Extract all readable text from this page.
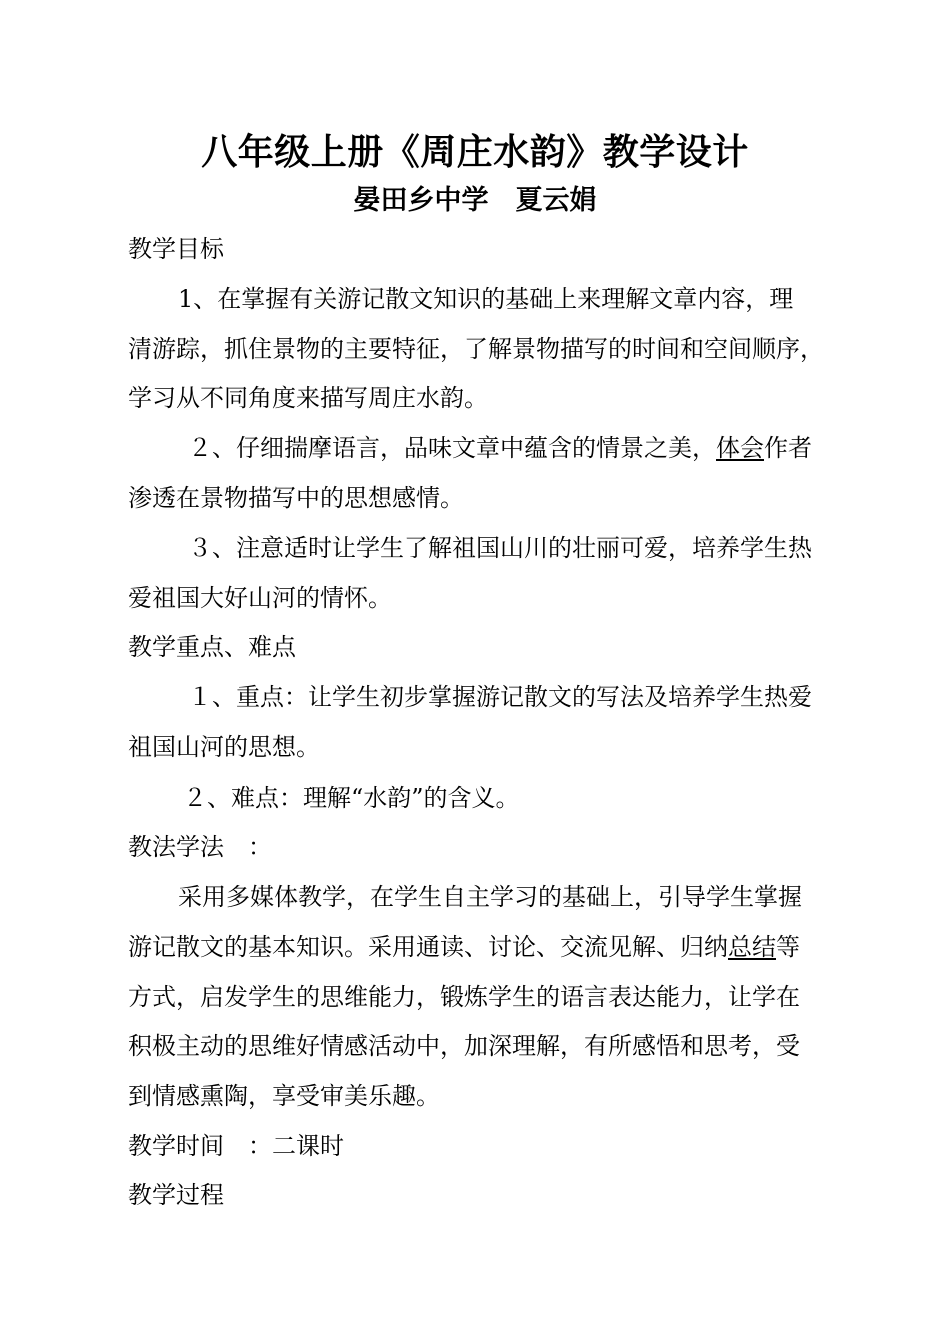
八年级上册《周庄水韵》教学设计
晏田乡中学　夏云娟
教学目标
1、在掌握有关游记散文知识的基础上来理解文章内容，理
清游踪，抓住景物的主要特征，了解景物描写的时间和空间顺序，
学习从不同角度来描写周庄水韵。
２、仔细揣摩语言，品味文章中蕴含的情景之美，体会作者
渗透在景物描写中的思想感情。
３、注意适时让学生了解祖国山川的壮丽可爱，培养学生热
爱祖国大好山河的情怀。
教学重点、难点
１、重点：让学生初步掌握游记散文的写法及培养学生热爱
祖国山河的思想。
２、难点：理解“水韵”的含义。
教法学法　：
采用多媒体教学，在学生自主学习的基础上，引导学生掌握
游记散文的基本知识。采用通读、讨论、交流见解、归纳总结等
方式，启发学生的思维能力，锻炼学生的语言表达能力，让学在
积极主动的思维好情感活动中，加深理解，有所感悟和思考，受
到情感熏陶，享受审美乐趣。
教学时间　：二课时
教学过程
